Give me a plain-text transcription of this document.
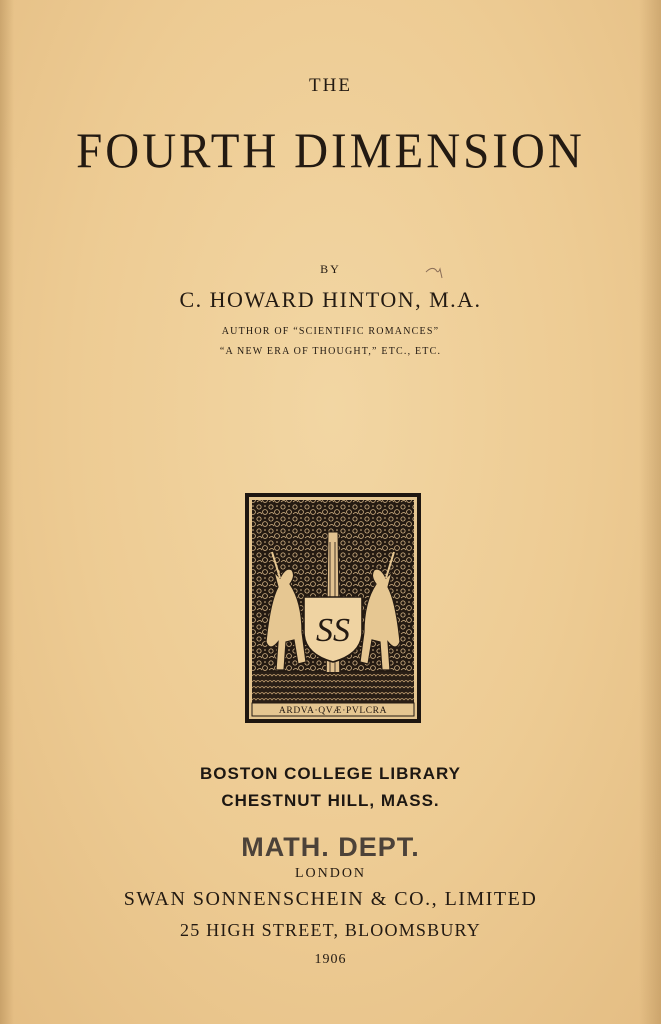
THE
FOURTH DIMENSION
BY
C. HOWARD HINTON, M.A.
AUTHOR OF “SCIENTIFIC ROMANCES”
“A NEW ERA OF THOUGHT,” ETC., ETC.
SS
ARDVA·QVÆ·PVLCRA
BOSTON COLLEGE LIBRARY
CHESTNUT HILL, MASS.
MATH. DEPT.
LONDON
SWAN SONNENSCHEIN & CO., LIMITED
25 HIGH STREET, BLOOMSBURY
1906
